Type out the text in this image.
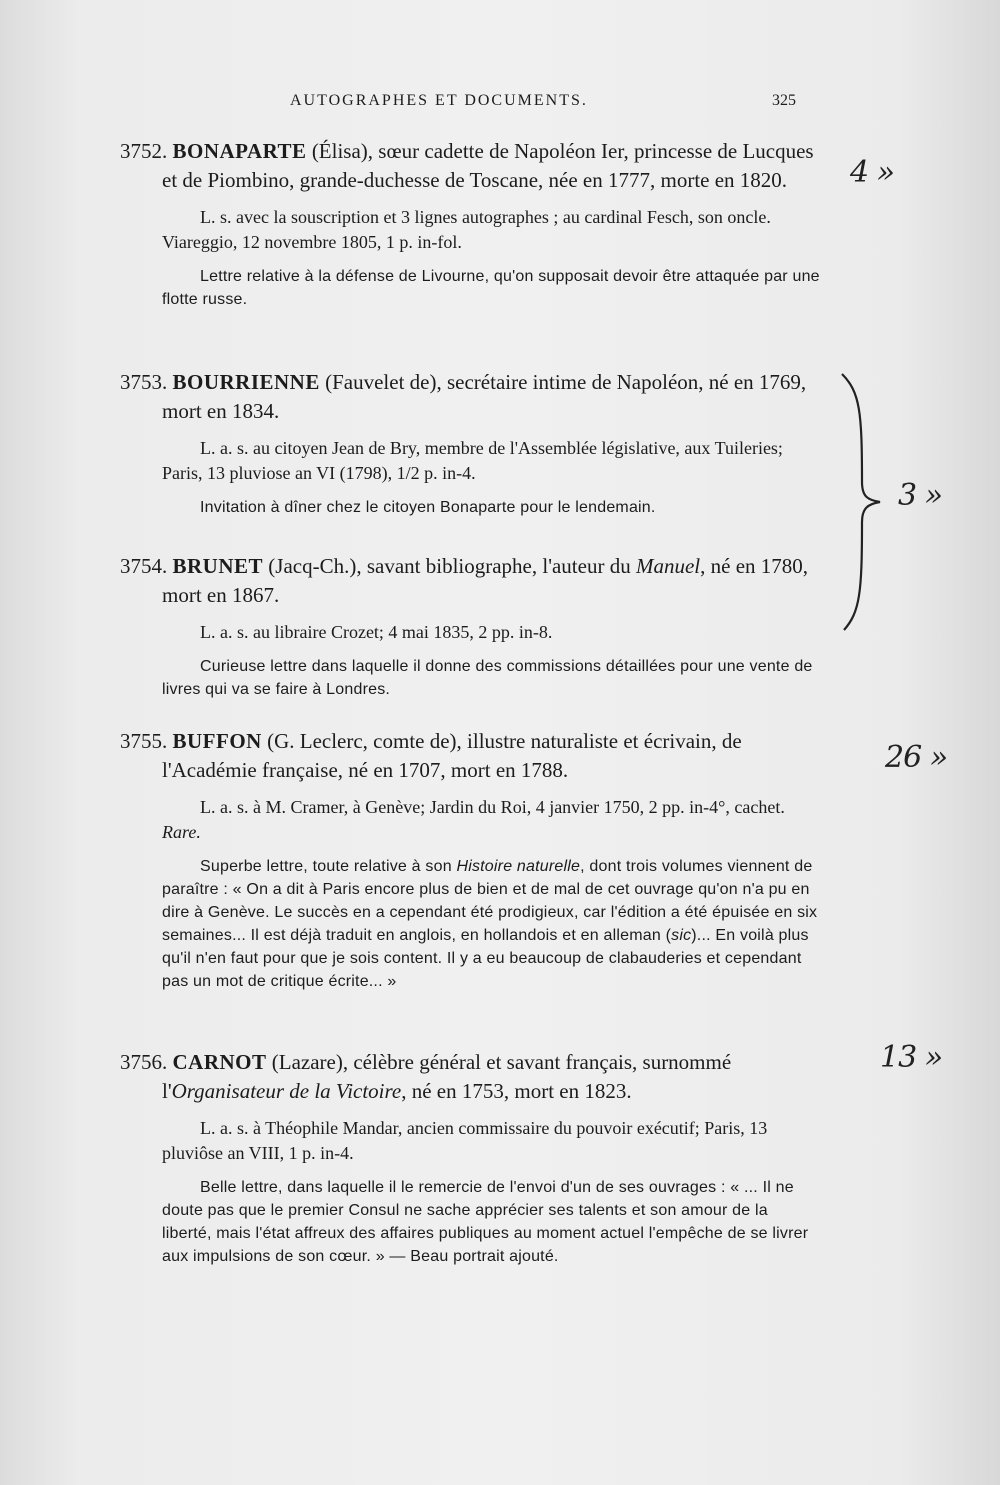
AUTOGRAPHES ET DOCUMENTS.	325

3752. BONAPARTE (Élisa), sœur cadette de Napoléon Ier, princesse de Lucques et de Piombino, grande-duchesse de Toscane, née en 1777, morte en 1820.

L. s. avec la souscription et 3 lignes autographes ; au cardinal Fesch, son oncle. Viareggio, 12 novembre 1805, 1 p. in-fol.
Lettre relative à la défense de Livourne, qu'on supposait devoir être attaquée par une flotte russe.

3753. BOURRIENNE (Fauvelet de), secrétaire intime de Napoléon, né en 1769, mort en 1834.

L. a. s. au citoyen Jean de Bry, membre de l'Assemblée législative, aux Tuileries; Paris, 13 pluviose an VI (1798), 1/2 p. in-4.
Invitation à dîner chez le citoyen Bonaparte pour le lendemain.

3754. BRUNET (Jacq-Ch.), savant bibliographe, l'auteur du Manuel, né en 1780, mort en 1867.

L. a. s. au libraire Crozet; 4 mai 1835, 2 pp. in-8.
Curieuse lettre dans laquelle il donne des commissions détaillées pour une vente de livres qui va se faire à Londres.

3755. BUFFON (G. Leclerc, comte de), illustre naturaliste et écrivain, de l'Académie française, né en 1707, mort en 1788.

L. a. s. à M. Cramer, à Genève; Jardin du Roi, 4 janvier 1750, 2 pp. in-4°, cachet. Rare.
Superbe lettre, toute relative à son Histoire naturelle, dont trois volumes viennent de paraître : « On a dit à Paris encore plus de bien et de mal de cet ouvrage qu'on n'a pu en dire à Genève. Le succès en a cependant été prodigieux, car l'édition a été épuisée en six semaines... Il est déjà traduit en anglois, en hollandois et en alleman (sic)... En voilà plus qu'il n'en faut pour que je sois content. Il y a eu beaucoup de clabauderies et cependant pas un mot de critique écrite... »

3756. CARNOT (Lazare), célèbre général et savant français, surnommé l'Organisateur de la Victoire, né en 1753, mort en 1823.

L. a. s. à Théophile Mandar, ancien commissaire du pouvoir exécutif; Paris, 13 pluviôse an VIII, 1 p. in-4.
Belle lettre, dans laquelle il le remercie de l'envoi d'un de ses ouvrages : « ... Il ne doute pas que le premier Consul ne sache apprécier ses talents et son amour de la liberté, mais l'état affreux des affaires publiques au moment actuel l'empêche de se livrer aux impulsions de son cœur. » — Beau portrait ajouté.
4 »
3 »
26 »
13 »
